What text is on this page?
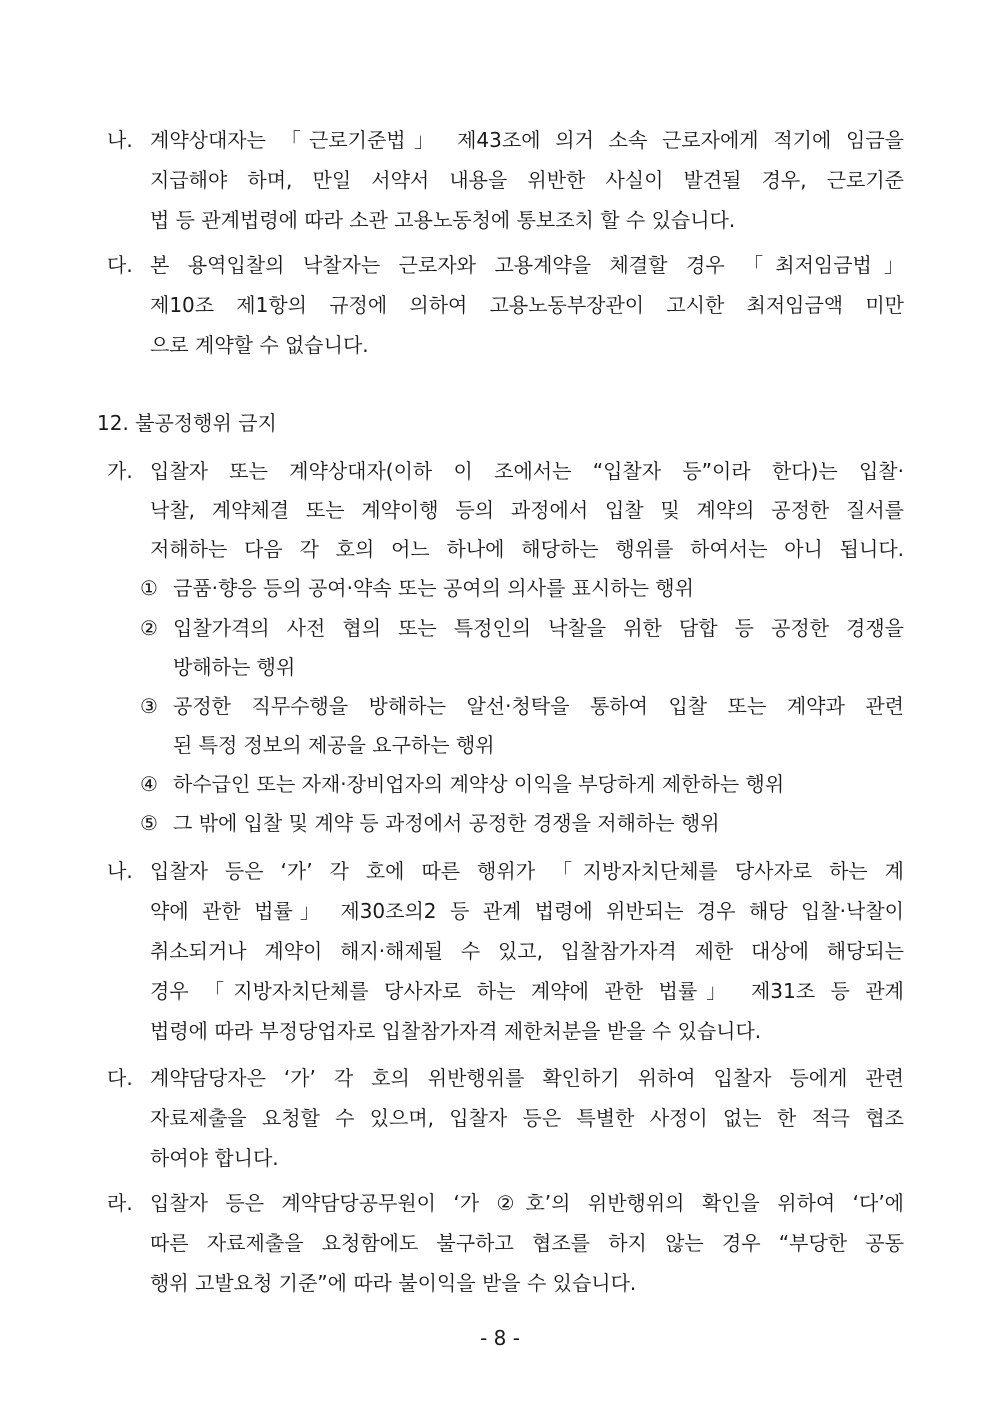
나. 계약상대자는 「근로기준법」 제43조에 의거 소속 근로자에게 적기에 임금을
지급해야 하며, 만일 서약서 내용을 위반한 사실이 발견될 경우, 근로기준
법 등 관계법령에 따라 소관 고용노동청에 통보조치 할 수 있습니다.
다. 본 용역입찰의 낙찰자는 근로자와 고용계약을 체결할 경우 「최저임금법」
제10조 제1항의 규정에 의하여 고용노동부장관이 고시한 최저임금액 미만
으로 계약할 수 없습니다.
12. 불공정행위 금지
가. 입찰자 또는 계약상대자(이하 이 조에서는 “입찰자 등”이라 한다)는 입찰·
낙찰, 계약체결 또는 계약이행 등의 과정에서 입찰 및 계약의 공정한 질서를
저해하는 다음 각 호의 어느 하나에 해당하는 행위를 하여서는 아니 됩니다.
① 금품·향응 등의 공여·약속 또는 공여의 의사를 표시하는 행위
② 입찰가격의 사전 협의 또는 특정인의 낙찰을 위한 담합 등 공정한 경쟁을
방해하는 행위
③ 공정한 직무수행을 방해하는 알선·청탁을 통하여 입찰 또는 계약과 관련
된 특정 정보의 제공을 요구하는 행위
④ 하수급인 또는 자재·장비업자의 계약상 이익을 부당하게 제한하는 행위
⑤ 그 밖에 입찰 및 계약 등 과정에서 공정한 경쟁을 저해하는 행위
나. 입찰자 등은 ‘가’ 각 호에 따른 행위가 「지방자치단체를 당사자로 하는 계
약에 관한 법률」 제30조의2 등 관계 법령에 위반되는 경우 해당 입찰·낙찰이
취소되거나 계약이 해지·해제될 수 있고, 입찰참가자격 제한 대상에 해당되는
경우 「지방자치단체를 당사자로 하는 계약에 관한 법률」 제31조 등 관계
법령에 따라 부정당업자로 입찰참가자격 제한처분을 받을 수 있습니다.
다. 계약담당자은 ‘가’ 각 호의 위반행위를 확인하기 위하여 입찰자 등에게 관련
자료제출을 요청할 수 있으며, 입찰자 등은 특별한 사정이 없는 한 적극 협조
하여야 합니다.
라. 입찰자 등은 계약담당공무원이 ‘가 ②호’의 위반행위의 확인을 위하여 ‘다’에
따른 자료제출을 요청함에도 불구하고 협조를 하지 않는 경우 “부당한 공동
행위 고발요청 기준”에 따라 불이익을 받을 수 있습니다.
- 8 -
